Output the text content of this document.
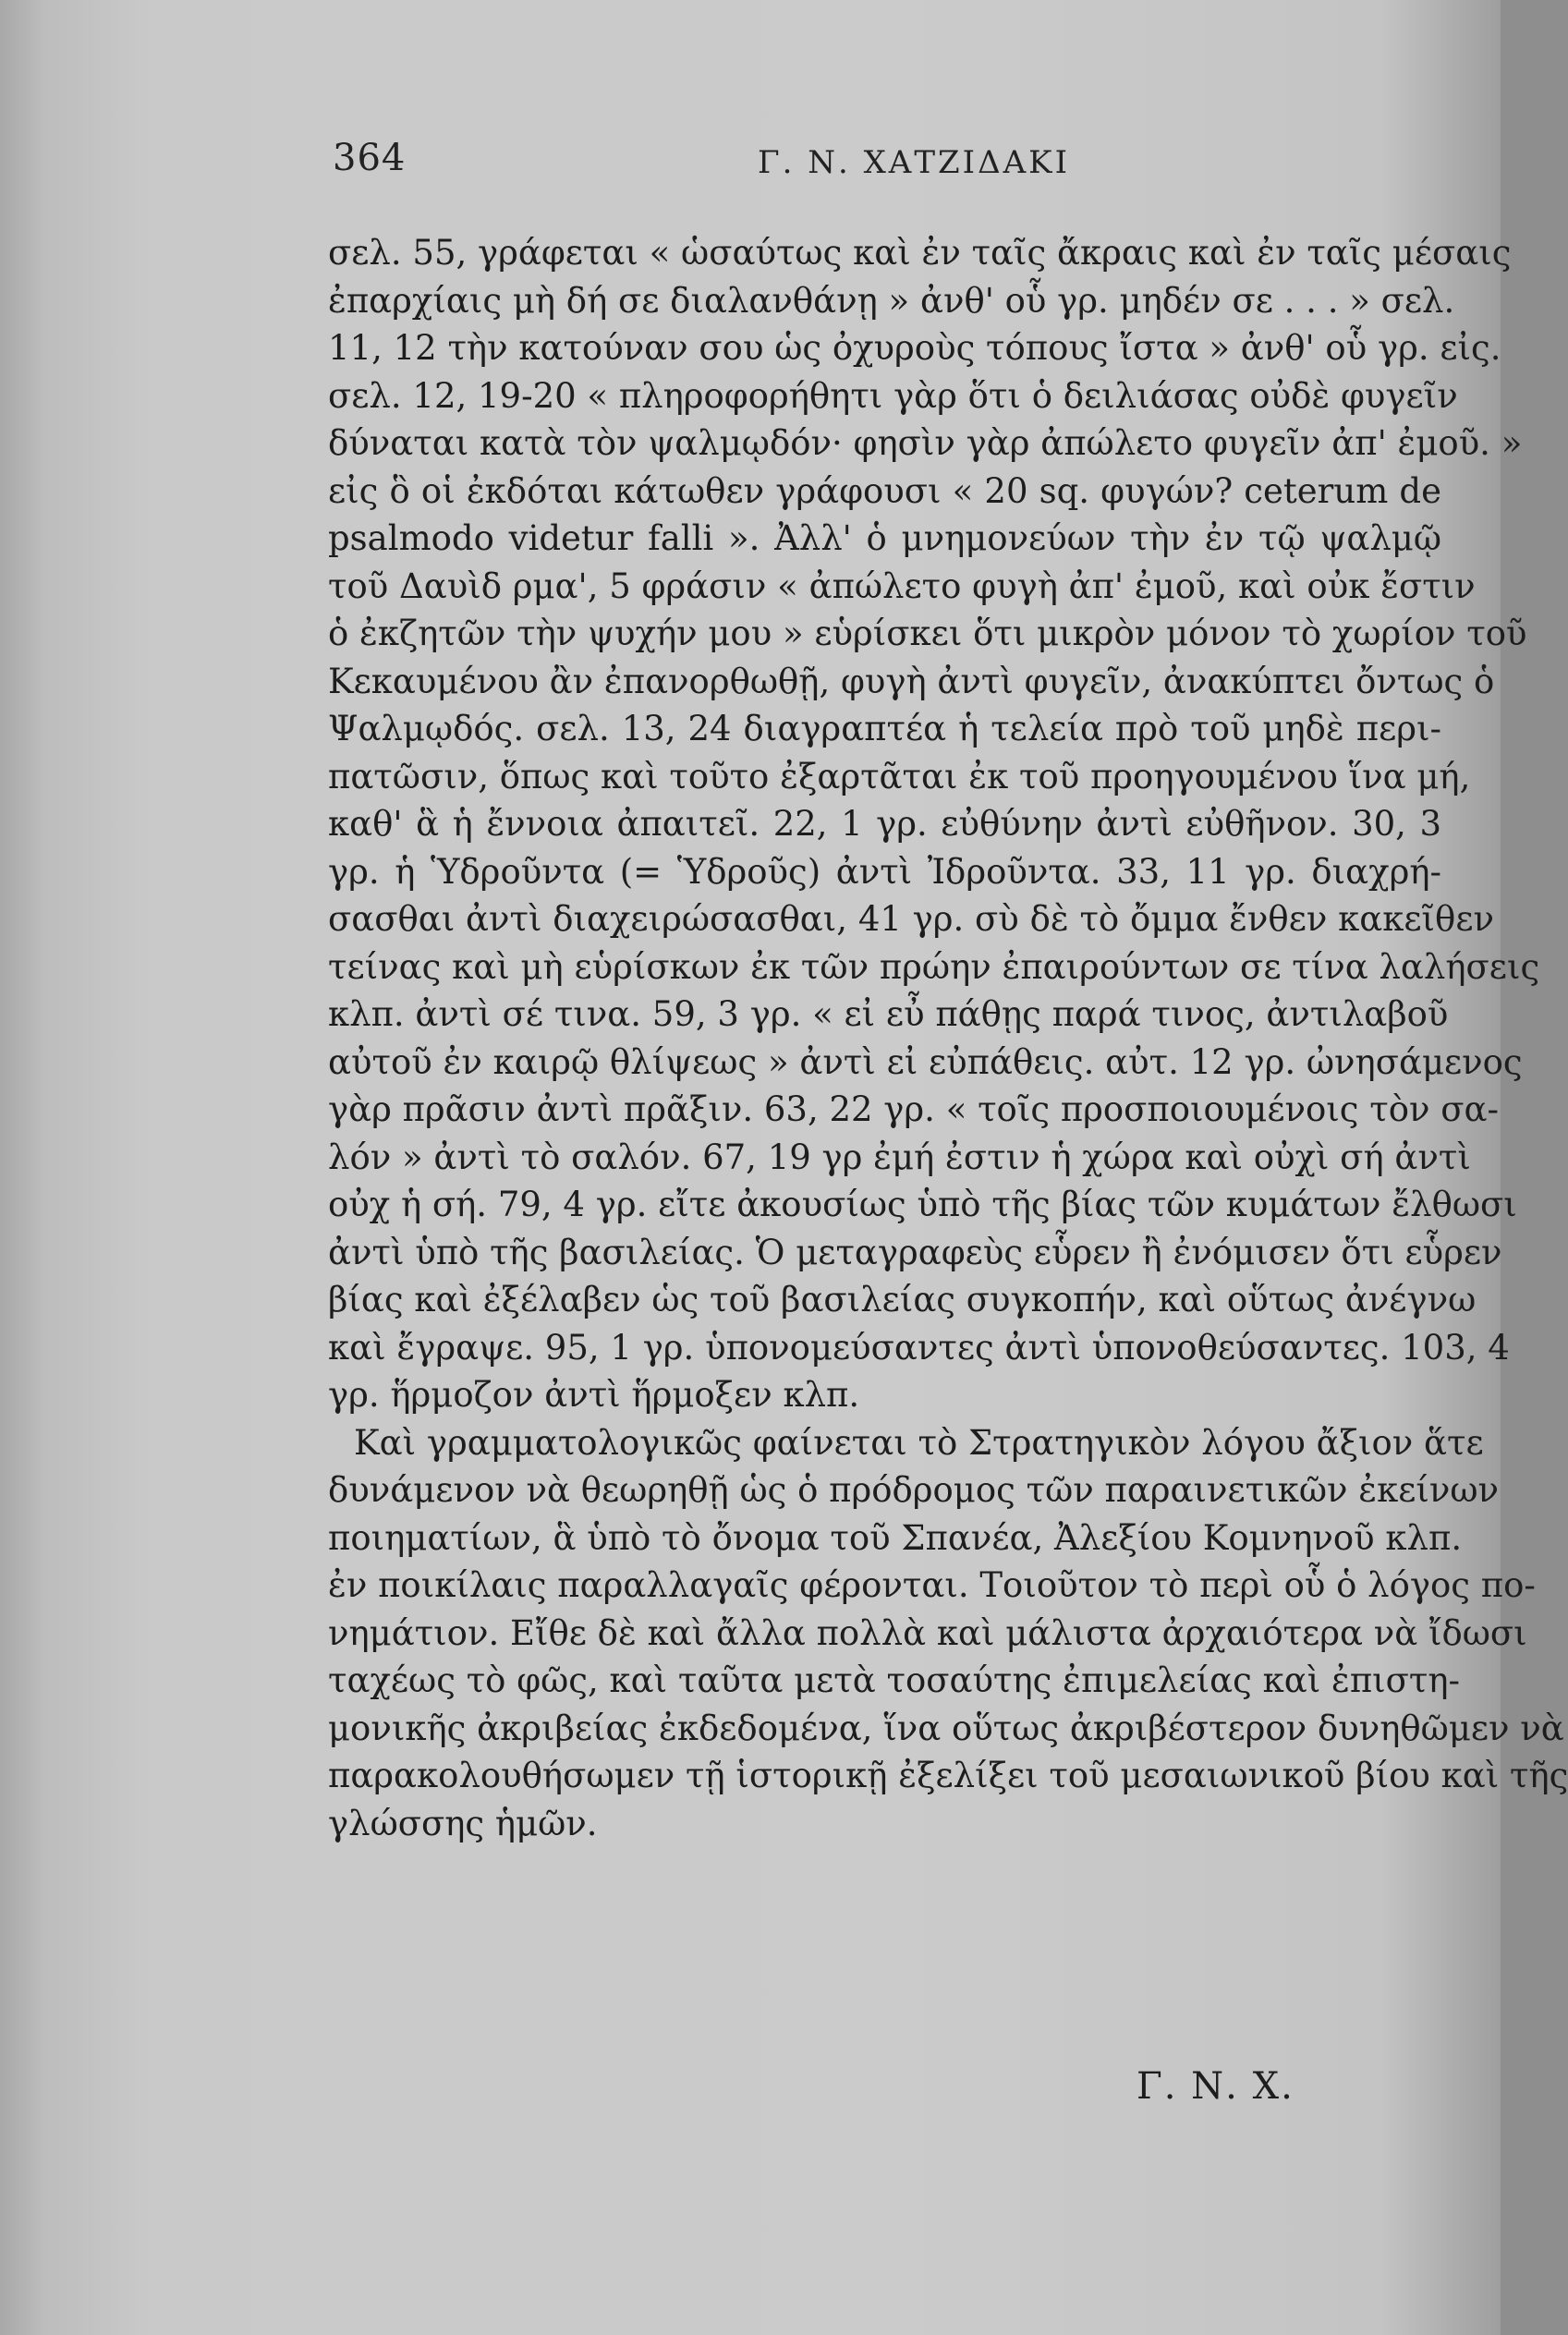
364	Γ. Ν. ΧΑΤΖΙΔΑΚΙ
σελ. 55, γράφεται « ὡσαύτως καὶ ἐν ταῖς ἄκραις καὶ ἐν ταῖς μέσαις
ἐπαρχίαις μὴ δή σε διαλανθάνῃ » ἀνθ' οὗ γρ. μηδέν σε . . . » σελ.
11, 12 τὴν κατούναν σου ὡς ὀχυροὺς τόπους ἴστα » ἀνθ' οὗ γρ. εἰς.
σελ. 12, 19-20 « πληροφορήθητι γὰρ ὅτι ὁ δειλιάσας οὐδὲ φυγεῖν
δύναται κατὰ τὸν ψαλμῳδόν· φησὶν γὰρ ἀπώλετο φυγεῖν ἀπ' ἐμοῦ. »
εἰς ὃ οἱ ἐκδόται κάτωθεν γράφουσι « 20 sq. φυγών? ceterum de
psalmodo videtur falli ». Ἀλλ' ὁ μνημονεύων τὴν ἐν τῷ ψαλμῷ
τοῦ Δαυὶδ ρμα', 5 φράσιν « ἀπώλετο φυγὴ ἀπ' ἐμοῦ, καὶ οὐκ ἔστιν
ὁ ἐκζητῶν τὴν ψυχήν μου » εὑρίσκει ὅτι μικρὸν μόνον τὸ χωρίον τοῦ
Κεκαυμένου ἂν ἐπανορθωθῇ, φυγὴ ἀντὶ φυγεῖν, ἀνακύπτει ὄντως ὁ
Ψαλμῳδός. σελ. 13, 24 διαγραπτέα ἡ τελεία πρὸ τοῦ μηδὲ περι-
πατῶσιν, ὅπως καὶ τοῦτο ἐξαρτᾶται ἐκ τοῦ προηγουμένου ἵνα μή,
καθ' ἃ ἡ ἔννοια ἀπαιτεῖ. 22, 1 γρ. εὐθύνην ἀντὶ εὐθῆνον. 30, 3
γρ. ἡ Ὑδροῦντα (= Ὑδροῦς) ἀντὶ Ἰδροῦντα. 33, 11 γρ. διαχρή-
σασθαι ἀντὶ διαχειρώσασθαι, 41 γρ. σὺ δὲ τὸ ὄμμα ἔνθεν κακεῖθεν
τείνας καὶ μὴ εὑρίσκων ἐκ τῶν πρώην ἐπαιρούντων σε τίνα λαλήσεις
κλπ. ἀντὶ σέ τινα. 59, 3 γρ. « εἰ εὖ πάθῃς παρά τινος, ἀντιλαβοῦ
αὐτοῦ ἐν καιρῷ θλίψεως » ἀντὶ εἰ εὐπάθεις. αὐτ. 12 γρ. ὠνησάμενος
γὰρ πρᾶσιν ἀντὶ πρᾶξιν. 63, 22 γρ. « τοῖς προσποιουμένοις τὸν σα-
λόν » ἀντὶ τὸ σαλόν. 67, 19 γρ ἐμή ἐστιν ἡ χώρα καὶ οὐχὶ σή ἀντὶ
οὐχ ἡ σή. 79, 4 γρ. εἴτε ἀκουσίως ὑπὸ τῆς βίας τῶν κυμάτων ἔλθωσι
ἀντὶ ὑπὸ τῆς βασιλείας. Ὁ μεταγραφεὺς εὗρεν ἢ ἐνόμισεν ὅτι εὗρεν
βίας καὶ ἐξέλαβεν ὡς τοῦ βασιλείας συγκοπήν, καὶ οὕτως ἀνέγνω
καὶ ἔγραψε. 95, 1 γρ. ὑπονομεύσαντες ἀντὶ ὑπονοθεύσαντες. 103, 4
γρ. ἥρμοζον ἀντὶ ἥρμοξεν κλπ.
Καὶ γραμματολογικῶς φαίνεται τὸ Στρατηγικὸν λόγου ἄξιον ἅτε
δυνάμενον νὰ θεωρηθῇ ὡς ὁ πρόδρομος τῶν παραινετικῶν ἐκείνων
ποιηματίων, ἃ ὑπὸ τὸ ὄνομα τοῦ Σπανέα, Ἀλεξίου Κομνηνοῦ κλπ.
ἐν ποικίλαις παραλλαγαῖς φέρονται. Τοιοῦτον τὸ περὶ οὗ ὁ λόγος πο-
νημάτιον. Εἴθε δὲ καὶ ἄλλα πολλὰ καὶ μάλιστα ἀρχαιότερα νὰ ἴδωσι
ταχέως τὸ φῶς, καὶ ταῦτα μετὰ τοσαύτης ἐπιμελείας καὶ ἐπιστη-
μονικῆς ἀκριβείας ἐκδεδομένα, ἵνα οὕτως ἀκριβέστερον δυνηθῶμεν νὰ
παρακολουθήσωμεν τῇ ἱστορικῇ ἐξελίξει τοῦ μεσαιωνικοῦ βίου καὶ τῆς
γλώσσης ἡμῶν.
Γ. Ν. Χ.
